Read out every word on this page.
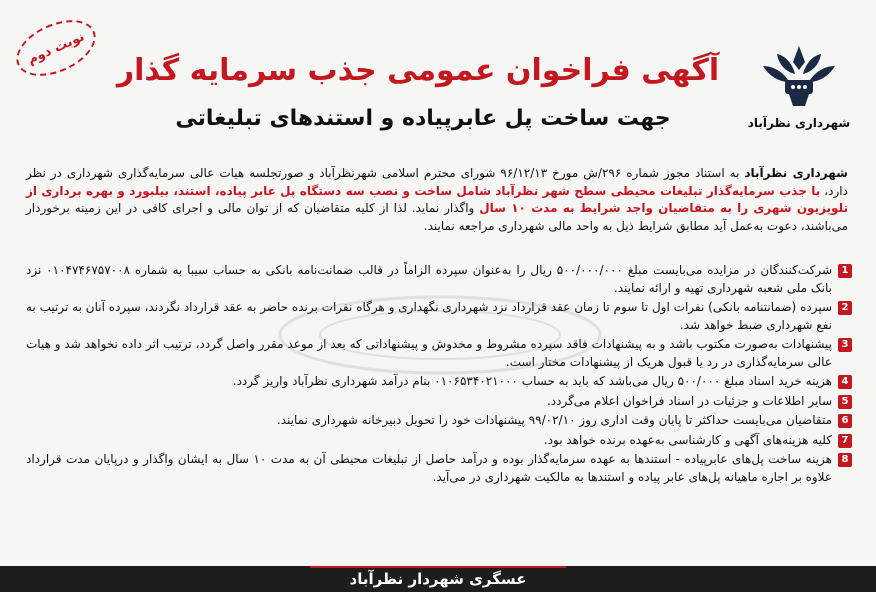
نوبت دوم
شهرداری نظرآباد
آگهی فراخوان عمومی جذب سرمایه گذار
جهت ساخت پل عابرپیاده و استندهای تبلیغاتی

شهرداری نظرآباد به استناد مجوز شماره ۲۹۶/ش مورخ ۹۶/۱۲/۱۳ شورای محترم اسلامی شهرنظرآباد و صورتجلسه هیات عالی سرمایه‌گذاری شهرداری در نظر دارد، با جذب سرمایه‌گذار تبلیغات محیطی سطح شهر نظرآباد شامل ساخت و نصب سه دستگاه پل عابر پیاده، استند، بیلبورد و بهره برداری از تلویزیون شهری را به متقاضیان واجد شرایط به مدت ۱۰ سال واگذار نماید. لذا از کلیه متقاضیان که از توان مالی و اجرای کافی در این زمینه برخوردار می‌باشند، دعوت به‌عمل آید مطابق شرایط ذیل به واحد مالی شهرداری مراجعه نمایند.

1
شرکت‌کنندگان در مزایده می‌بایست مبلغ ۵۰۰/۰۰۰/۰۰۰ ریال را به‌عنوان سپرده الزاماً در قالب ضمانت‌نامه بانکی به حساب سیبا به شماره ۰۱۰۴۷۴۶۷۵۷۰۰۸ نزد بانک ملی شعبه شهرداری تهیه و ارائه نمایند.
2
سپرده (ضمانتنامه بانکی) نفرات اول تا سوم تا زمان عقد قرارداد نزد شهرداری نگهداری و هرگاه نفرات برنده حاضر به عقد قرارداد نگردند، سپرده آنان به ترتیب به نفع شهرداری ضبط خواهد شد.
3
پیشنهادات به‌صورت مکتوب باشد و به پیشنهادات فاقد سپرده مشروط و مخدوش و پیشنهاداتی که بعد از موعد مقرر واصل گردد، ترتیب اثر داده نخواهد شد و هیات عالی سرمایه‌گذاری در رد یا قبول هریک از پیشنهادات مختار است.
4
هزینه خرید اسناد مبلغ ۵۰۰/۰۰۰ ریال می‌باشد که باید به حساب ۰۱۰۶۵۳۴۰۲۱۰۰۰ بنام درآمد شهرداری نظرآباد واریز گردد.
5
سایر اطلاعات و جزئیات در اسناد فراخوان اعلام می‌گردد.
6
متقاضیان می‌بایست حداکثر تا پایان وقت اداری روز ۹۹/۰۲/۱۰ پیشنهادات خود را تحویل دبیرخانه شهرداری نمایند.
7
کلیه هزینه‌های آگهی و کارشناسی به‌عهده برنده خواهد بود.
8
هزینه ساخت پل‌های عابرپیاده - استندها به عهده سرمایه‌گذار بوده و درآمد حاصل از تبلیغات محیطی آن به مدت ۱۰ سال به ایشان واگذار و درپایان مدت قرارداد علاوه بر اجاره ماهیانه پل‌های عابر پیاده و استندها به مالکیت شهرداری در می‌آید.
عسگری شهردار نظرآباد
